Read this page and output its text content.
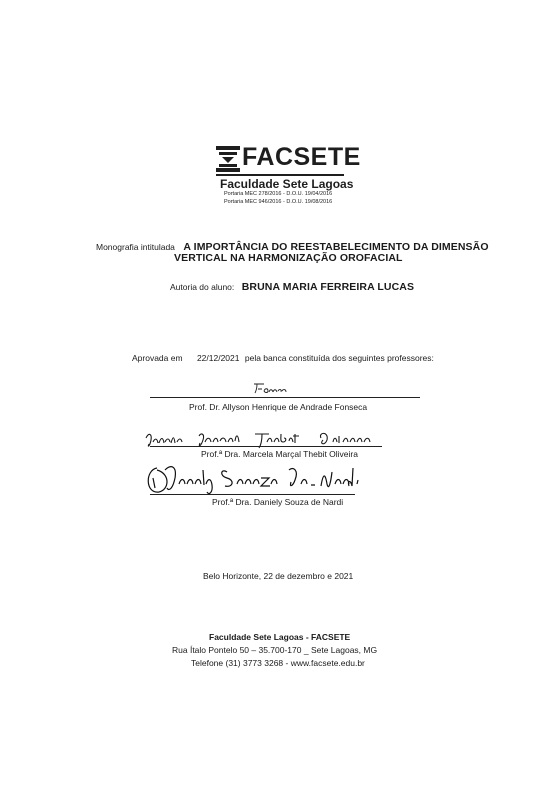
FACSETE
Faculdade Sete Lagoas
Portaria MEC 278/2016 - D.O.U. 19/04/2016
Portaria MEC 946/2016 - D.O.U. 19/08/2016
Monografia intitulada A IMPORTÂNCIA DO REESTABELECIMENTO DA DIMENSÃO
VERTICAL NA HARMONIZAÇÃO OROFACIAL
Autoria do aluno: BRUNA MARIA FERREIRA LUCAS
Aprovada em 22/12/2021 pela banca constituída dos seguintes professores:
Prof. Dr. Allyson Henrique de Andrade Fonseca
Prof.ª Dra. Marcela Marçal Thebit Oliveira
Prof.ª Dra. Daniely Souza de Nardi
Belo Horizonte, 22 de dezembro e 2021
Faculdade Sete Lagoas - FACSETE
Rua Ítalo Pontelo 50 – 35.700-170 _ Sete Lagoas, MG
Telefone (31) 3773 3268 - www.facsete.edu.br
